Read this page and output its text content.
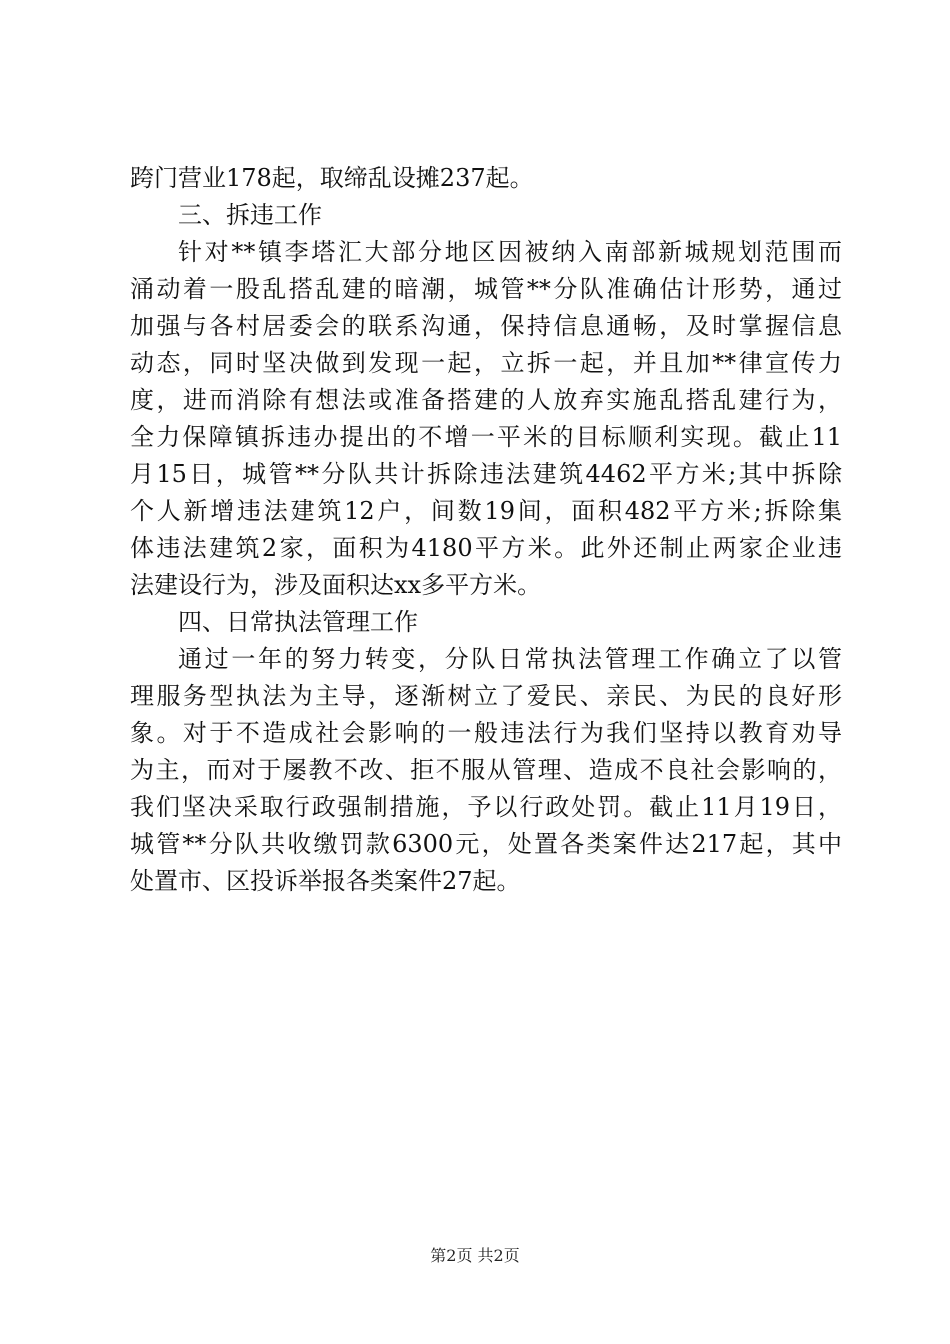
跨门营业178起，取缔乱设摊237起。
三、拆违工作
针对**镇李塔汇大部分地区因被纳入南部新城规划范围而
涌动着一股乱搭乱建的暗潮，城管**分队准确估计形势，通过
加强与各村居委会的联系沟通，保持信息通畅，及时掌握信息
动态，同时坚决做到发现一起，立拆一起，并且加**律宣传力
度，进而消除有想法或准备搭建的人放弃实施乱搭乱建行为，
全力保障镇拆违办提出的不增一平米的目标顺利实现。截止11
月15日，城管**分队共计拆除违法建筑4462平方米;其中拆除
个人新增违法建筑12户，间数19间，面积482平方米;拆除集
体违法建筑2家，面积为4180平方米。此外还制止两家企业违
法建设行为，涉及面积达xx多平方米。
四、日常执法管理工作
通过一年的努力转变，分队日常执法管理工作确立了以管
理服务型执法为主导，逐渐树立了爱民、亲民、为民的良好形
象。对于不造成社会影响的一般违法行为我们坚持以教育劝导
为主，而对于屡教不改、拒不服从管理、造成不良社会影响的，
我们坚决采取行政强制措施，予以行政处罚。截止11月19日，
城管**分队共收缴罚款6300元，处置各类案件达217起，其中
处置市、区投诉举报各类案件27起。
第2页 共2页
